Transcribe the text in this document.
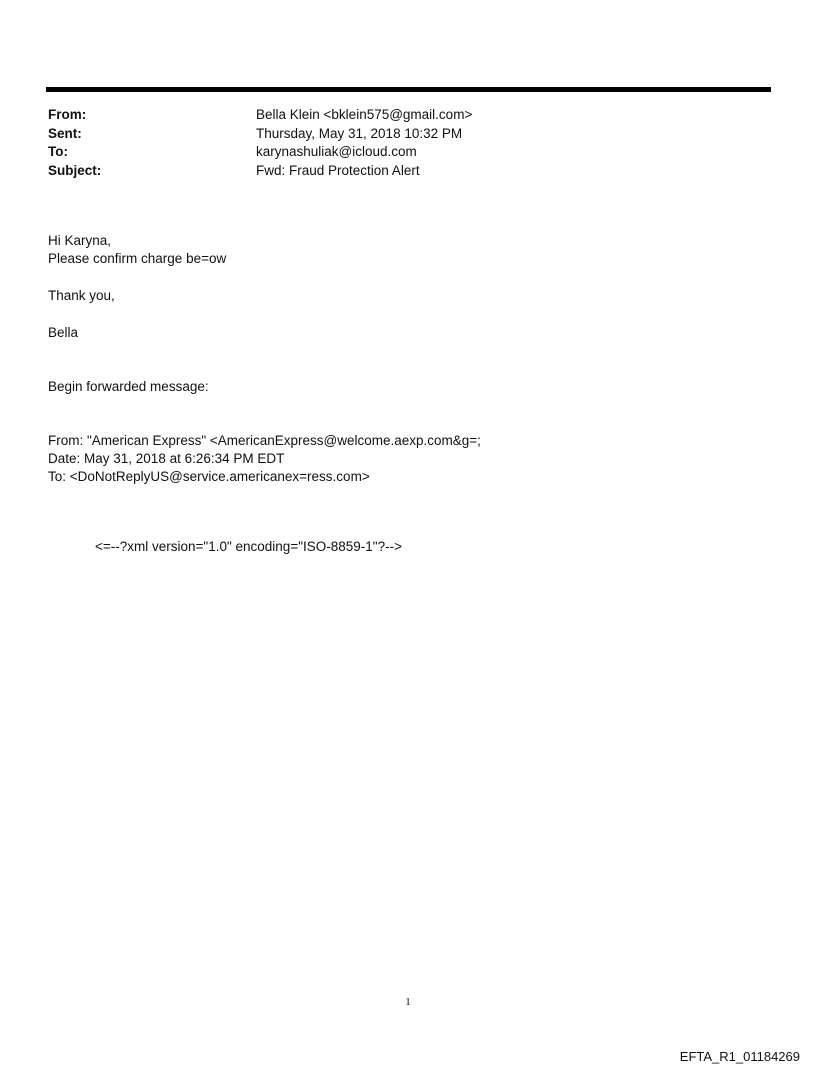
From:	Bella Klein <bklein575@gmail.com>
Sent:	Thursday, May 31, 2018 10:32 PM
To:	karynashuliak@icloud.com
Subject:	Fwd: Fraud Protection Alert
Hi Karyna,
Please confirm charge be=ow
Thank you,
Bella
Begin forwarded message:
From: "American Express" <AmericanExpress@welcome.aexp.com&g=;
Date: May 31, 2018 at 6:26:34 PM EDT
To: <DoNotReplyUS@service.americanex=ress.com>
<=--?xml version="1.0" encoding="ISO-8859-1"?-->
1
EFTA_R1_01184269
